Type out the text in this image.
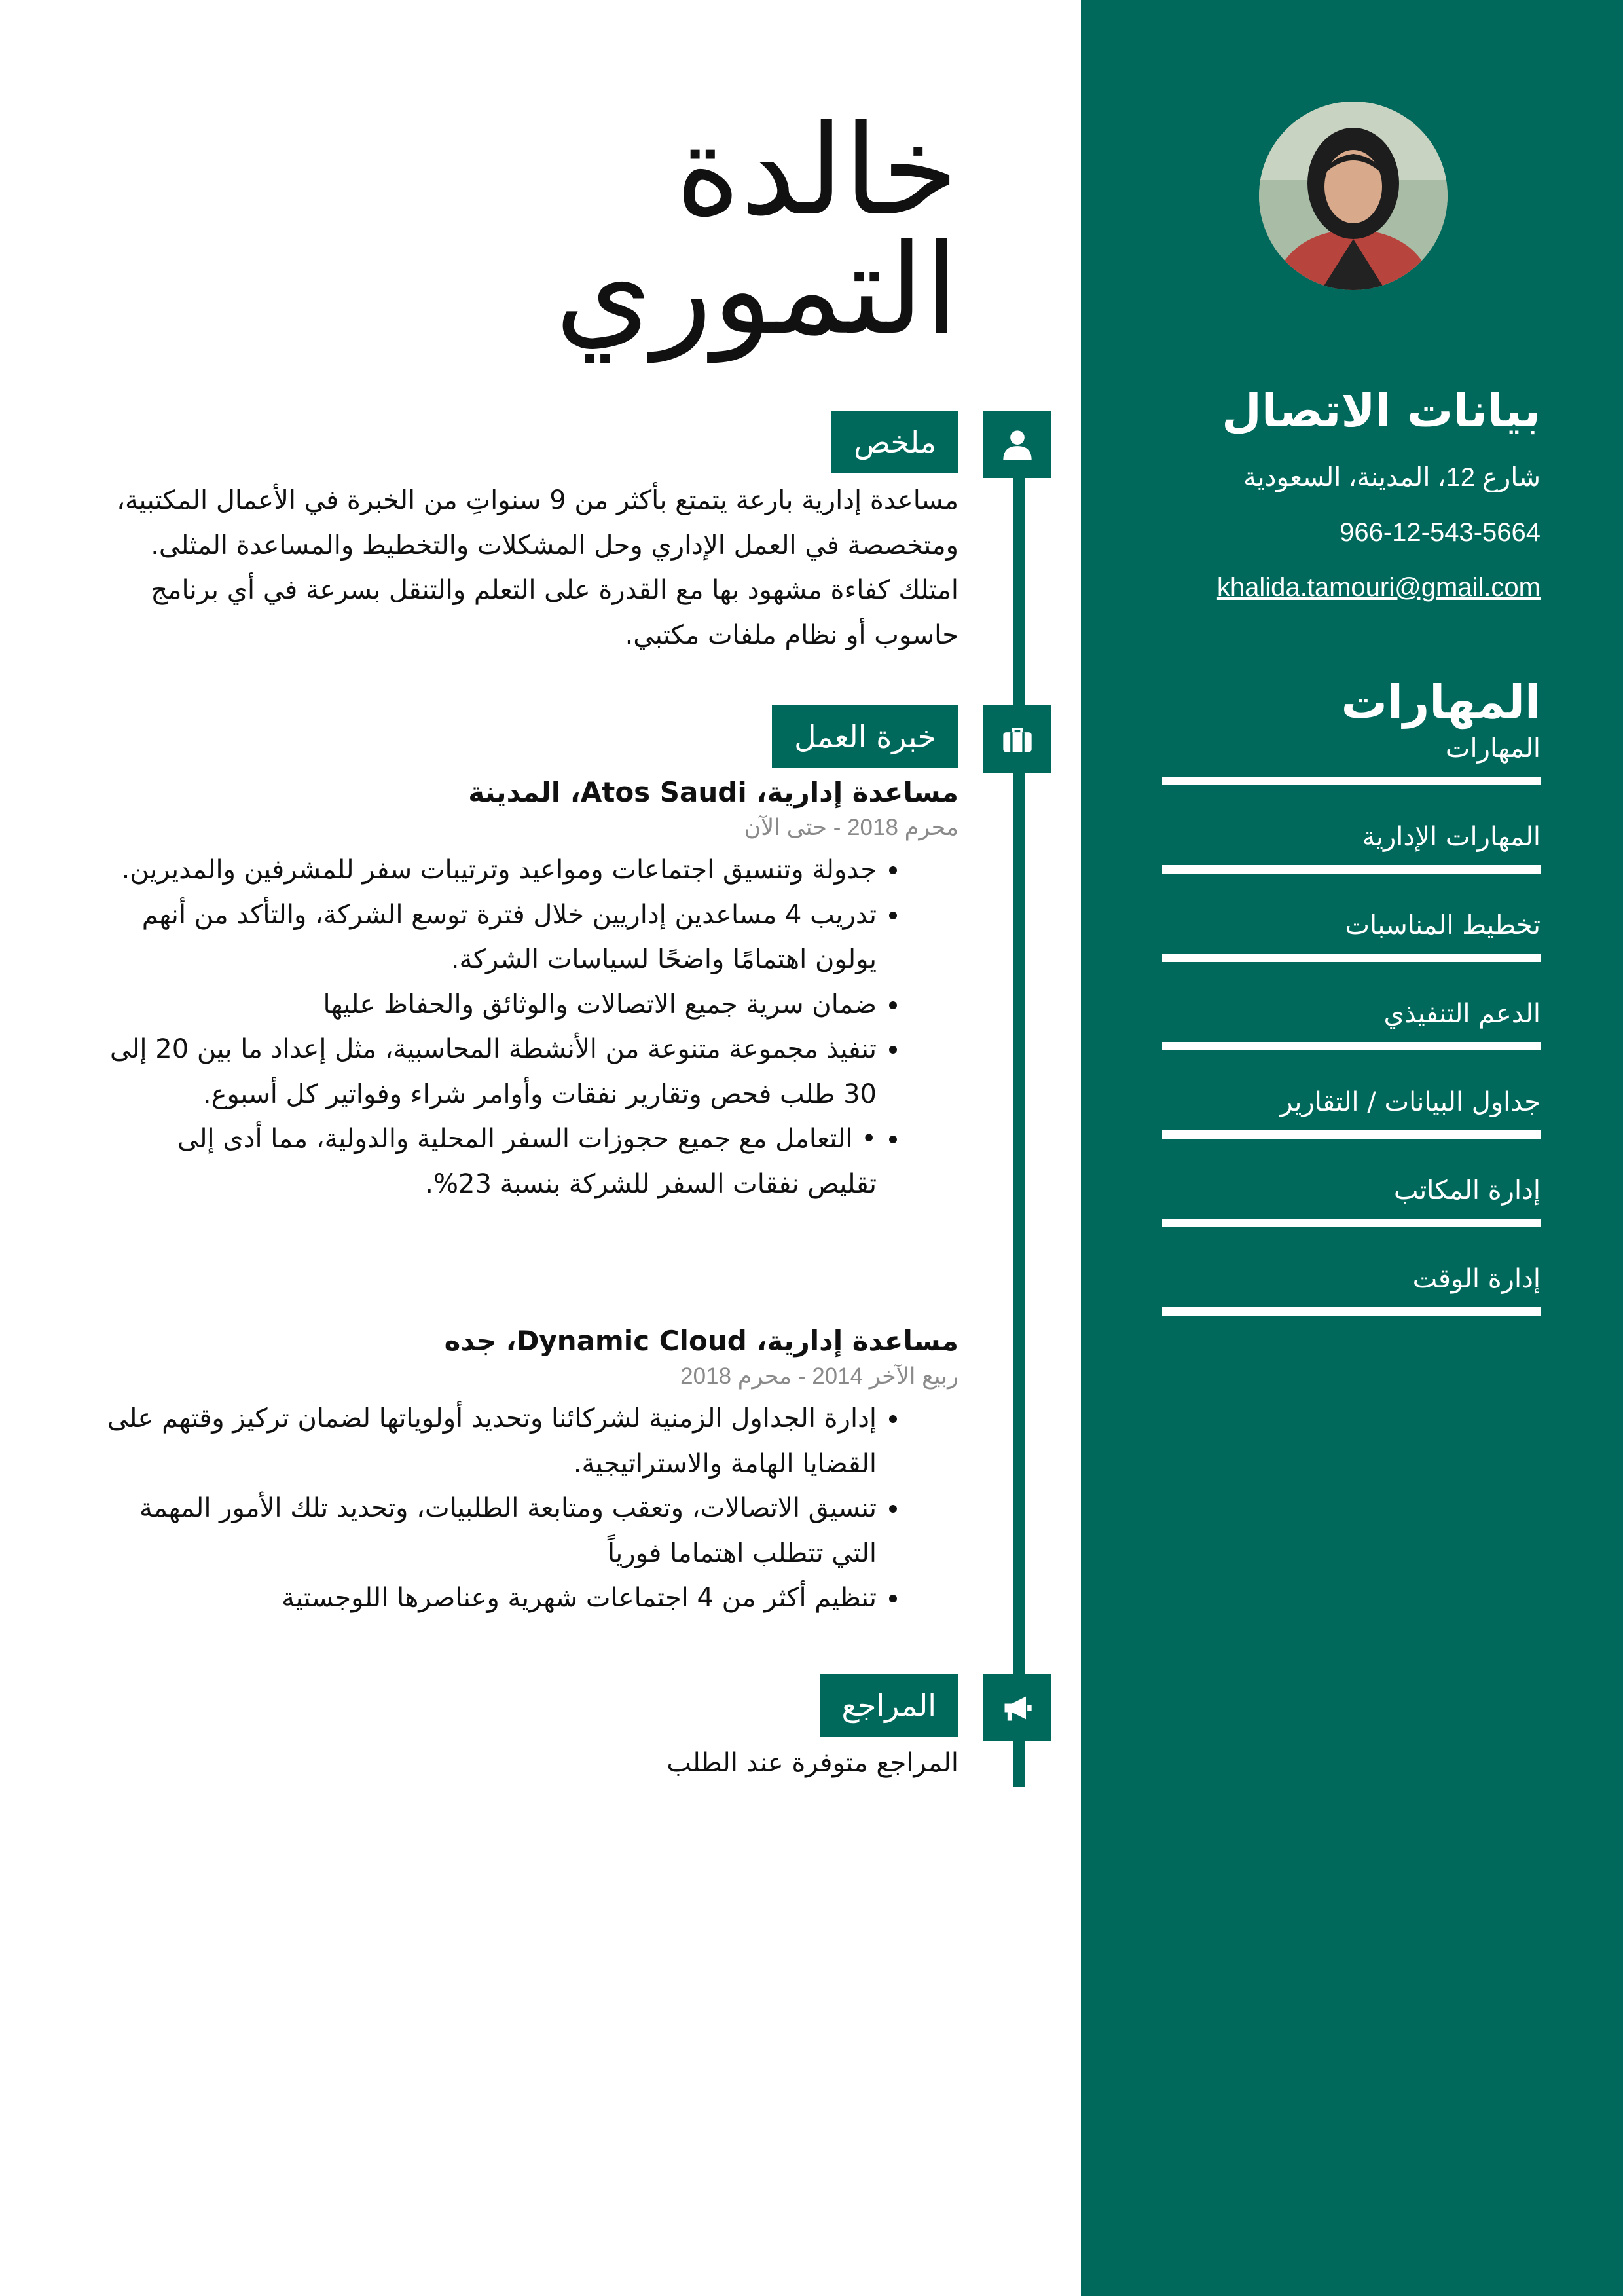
بيانات الاتصال
شارع 12، المدينة، السعودية
966-12-543-5664
khalida.tamouri@gmail.com
المهارات
المهارات
المهارات الإدارية
تخطيط المناسبات
الدعم التنفيذي
جداول البيانات / التقارير
إدارة المكاتب
إدارة الوقت
خالدة
التموري
ملخص
مساعدة إدارية بارعة يتمتع بأكثر من 9 سنواتِ من الخبرة في الأعمال المكتبية، ومتخصصة في العمل الإداري وحل المشكلات والتخطيط والمساعدة المثلى. امتلك كفاءة مشهود بها مع القدرة على التعلم والتنقل بسرعة في أي برنامج حاسوب أو نظام ملفات مكتبي.
خبرة العمل
مساعدة إدارية، Atos Saudi، المدينة
محرم 2018 - حتى الآن
• جدولة وتنسيق اجتماعات ومواعيد وترتيبات سفر للمشرفين والمديرين.
• تدريب 4 مساعدين إداريين خلال فترة توسع الشركة، والتأكد من أنهم يولون اهتمامًا واضحًا لسياسات الشركة.
• ضمان سرية جميع الاتصالات والوثائق والحفاظ عليها
• تنفيذ مجموعة متنوعة من الأنشطة المحاسبية، مثل إعداد ما بين 20 إلى 30 طلب فحص وتقارير نفقات وأوامر شراء وفواتير كل أسبوع.
• • التعامل مع جميع حجوزات السفر المحلية والدولية، مما أدى إلى تقليص نفقات السفر للشركة بنسبة 23%.
مساعدة إدارية، Dynamic Cloud، جده
ربيع الآخر 2014 - محرم 2018
• إدارة الجداول الزمنية لشركائنا وتحديد أولوياتها لضمان تركيز وقتهم على القضايا الهامة والاستراتيجية.
• تنسيق الاتصالات، وتعقب ومتابعة الطلبيات، وتحديد تلك الأمور المهمة التي تتطلب اهتماما فورياً
• تنظيم أكثر من 4 اجتماعات شهرية وعناصرها اللوجستية
المراجع
المراجع متوفرة عند الطلب
